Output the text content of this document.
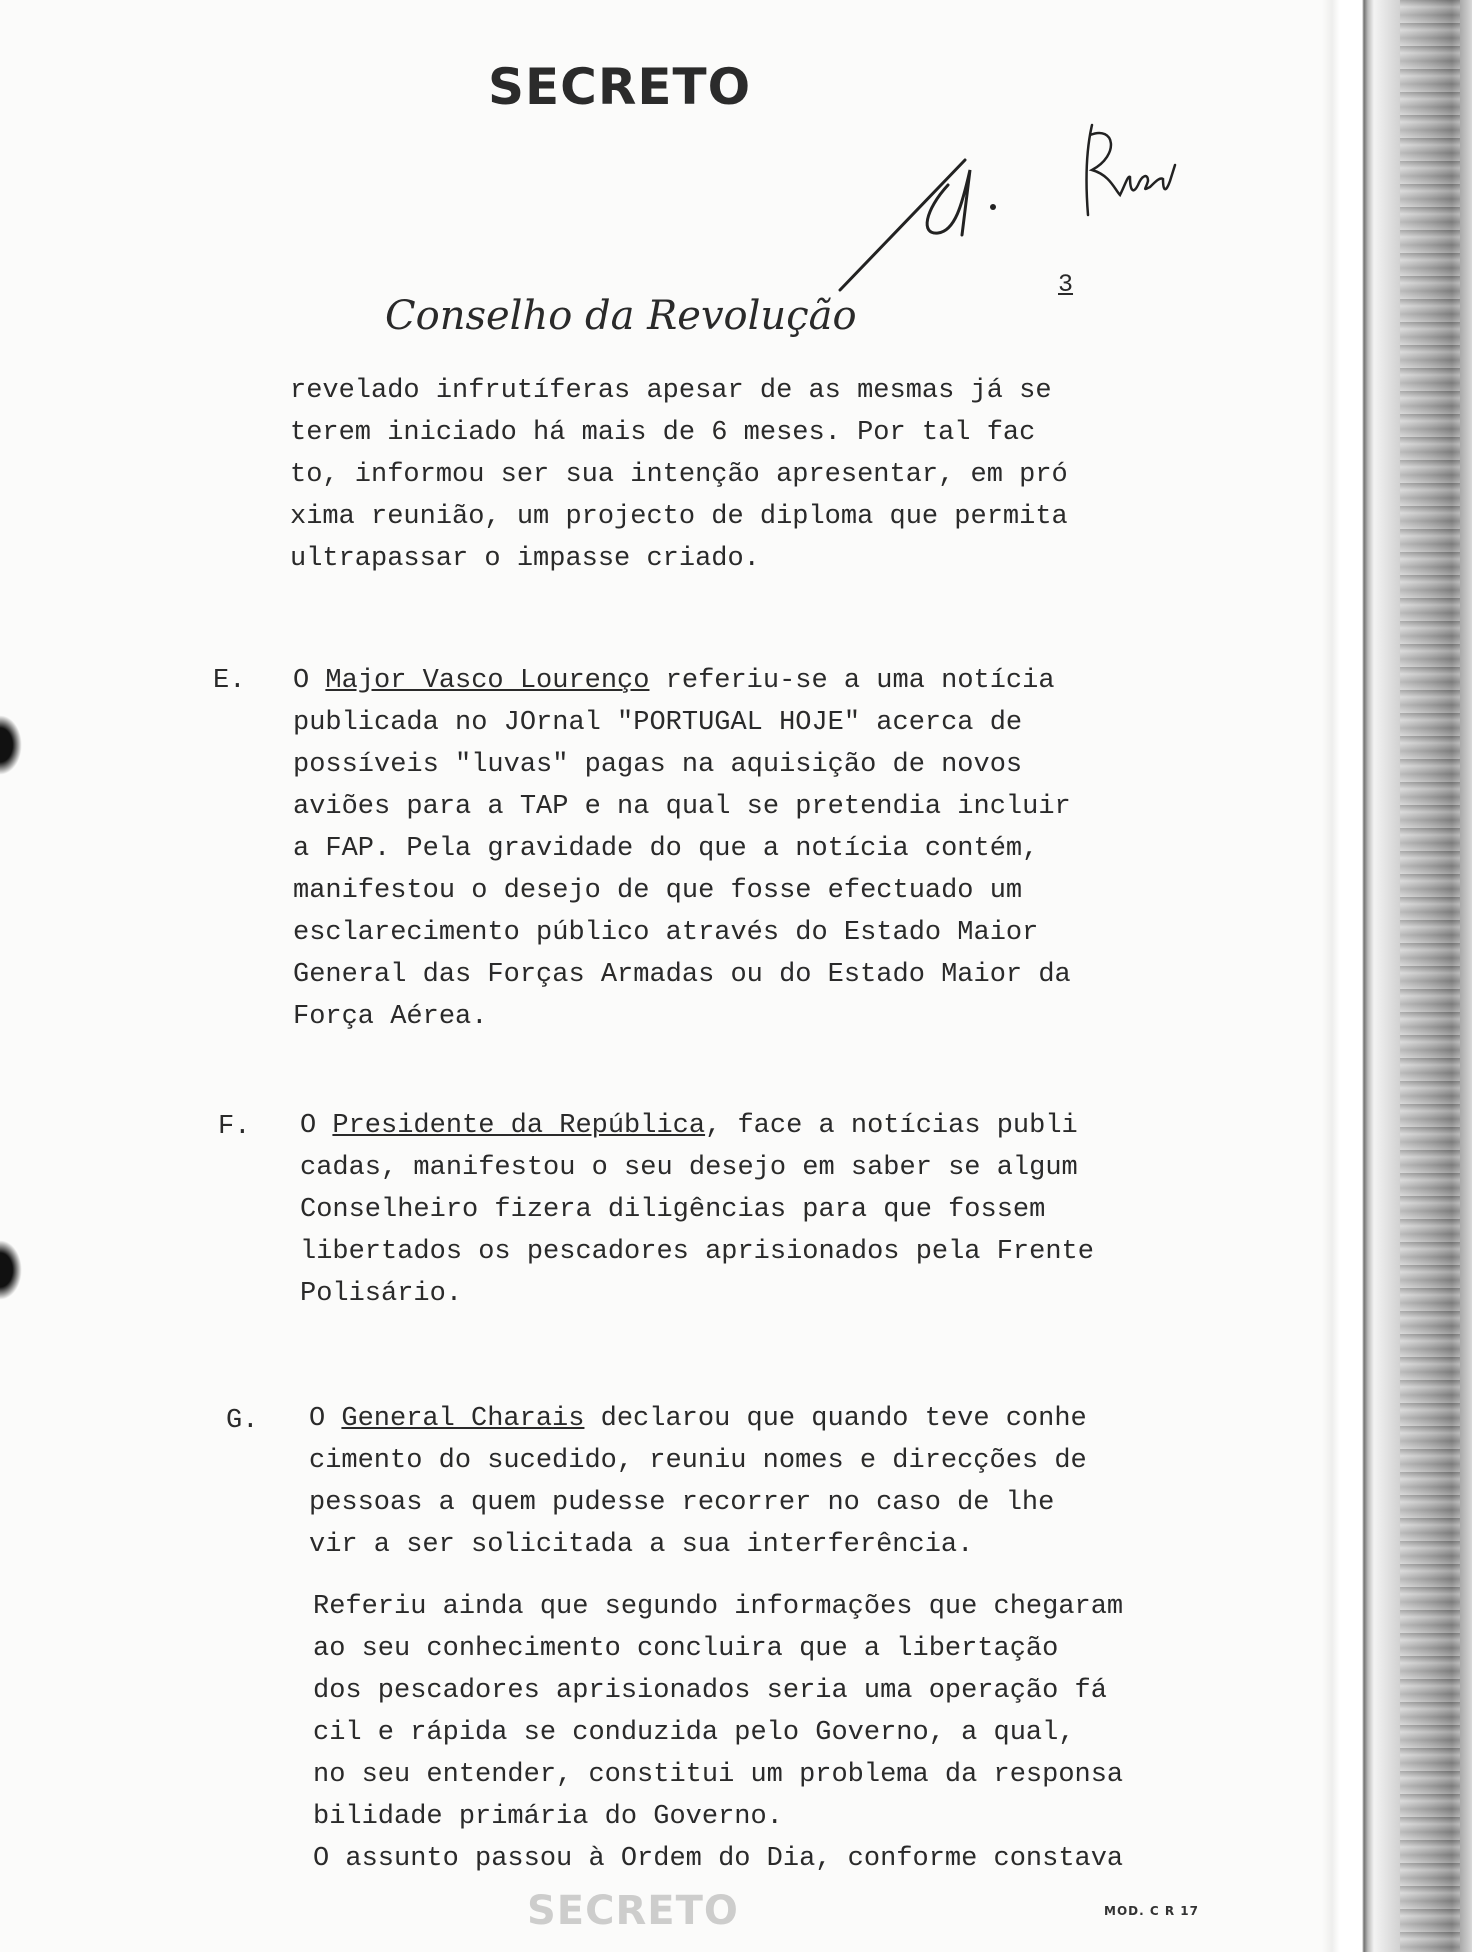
SECRETO
3
Conselho da Revolução
revelado infrutíferas apesar de as mesmas já se
terem iniciado há mais de 6 meses. Por tal fac
to, informou ser sua intenção apresentar, em pró
xima reunião, um projecto de diploma que permita
ultrapassar o impasse criado.
E. O Major Vasco Lourenço referiu-se a uma notícia
publicada no JOrnal "PORTUGAL HOJE" acerca de
possíveis "luvas" pagas na aquisição de novos
aviões para a TAP e na qual se pretendia incluir
a FAP. Pela gravidade do que a notícia contém,
manifestou o desejo de que fosse efectuado um
esclarecimento público através do Estado Maior
General das Forças Armadas ou do Estado Maior da
Força Aérea.
F. O Presidente da República, face a notícias publi
cadas, manifestou o seu desejo em saber se algum
Conselheiro fizera diligências para que fossem
libertados os pescadores aprisionados pela Frente
Polisário.
G. O General Charais declarou que quando teve conhe
cimento do sucedido, reuniu nomes e direcções de
pessoas a quem pudesse recorrer no caso de lhe
vir a ser solicitada a sua interferência.
Referiu ainda que segundo informações que chegaram
ao seu conhecimento concluira que a libertação
dos pescadores aprisionados seria uma operação fá
cil e rápida se conduzida pelo Governo, a qual,
no seu entender, constitui um problema da responsa
bilidade primária do Governo.
O assunto passou à Ordem do Dia, conforme constava
SECRETO	MOD. C R 17
